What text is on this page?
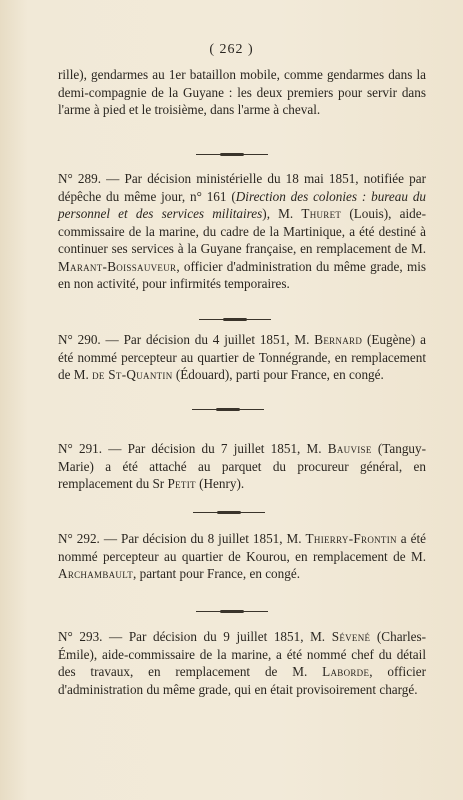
( 262 )

rille), gendarmes au 1er bataillon mobile, comme gendarmes dans la demi-compagnie de la Guyane : les deux premiers pour servir dans l'arme à pied et le troisième, dans l'arme à cheval.

N° 289. — Par décision ministérielle du 18 mai 1851, notifiée par dépêche du même jour, n° 161 (Direction des colonies : bureau du personnel et des services militaires), M. Thuret (Louis), aide-commissaire de la marine, du cadre de la Martinique, a été destiné à continuer ses services à la Guyane française, en remplacement de M. Marant-Boissauveur, officier d'administration du même grade, mis en non activité, pour infirmités temporaires.

N° 290. — Par décision du 4 juillet 1851, M. Bernard (Eugène) a été nommé percepteur au quartier de Tonnégrande, en remplacement de M. de St-Quantin (Édouard), parti pour France, en congé.

N° 291. — Par décision du 7 juillet 1851, M. Bauvise (Tanguy-Marie) a été attaché au parquet du procureur général, en remplacement du Sr Petit (Henry).

N° 292. — Par décision du 8 juillet 1851, M. Thierry-Frontin a été nommé percepteur au quartier de Kourou, en remplacement de M. Archambault, partant pour France, en congé.

N° 293. — Par décision du 9 juillet 1851, M. Sévené (Charles-Émile), aide-commissaire de la marine, a été nommé chef du détail des travaux, en remplacement de M. Laborde, officier d'administration du même grade, qui en était provisoirement chargé.
